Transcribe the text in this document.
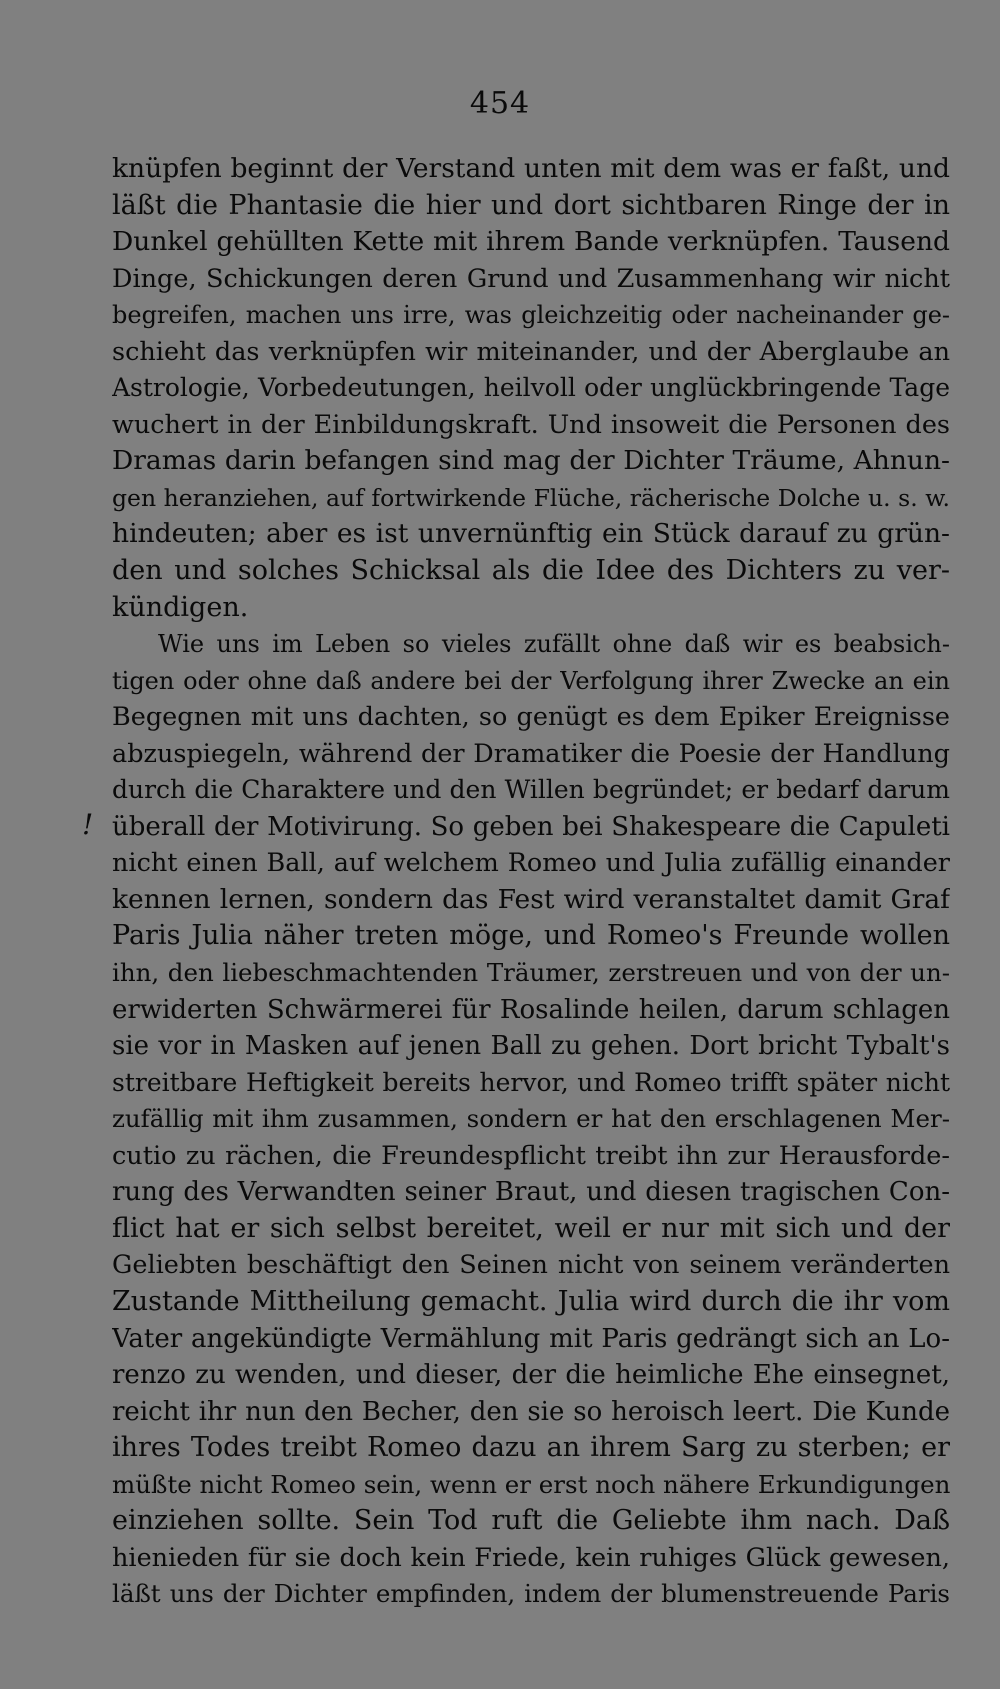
454
!
knüpfen beginnt der Verstand unten mit dem was er faßt, und
läßt die Phantasie die hier und dort sichtbaren Ringe der in
Dunkel gehüllten Kette mit ihrem Bande verknüpfen. Tausend
Dinge, Schickungen deren Grund und Zusammenhang wir nicht
begreifen, machen uns irre, was gleichzeitig oder nacheinander ge-
schieht das verknüpfen wir miteinander, und der Aberglaube an
Astrologie, Vorbedeutungen, heilvoll oder unglückbringende Tage
wuchert in der Einbildungskraft. Und insoweit die Personen des
Dramas darin befangen sind mag der Dichter Träume, Ahnun-
gen heranziehen, auf fortwirkende Flüche, rächerische Dolche u. s. w.
hindeuten; aber es ist unvernünftig ein Stück darauf zu grün-
den und solches Schicksal als die Idee des Dichters zu ver-
kündigen.
Wie uns im Leben so vieles zufällt ohne daß wir es beabsich-
tigen oder ohne daß andere bei der Verfolgung ihrer Zwecke an ein
Begegnen mit uns dachten, so genügt es dem Epiker Ereignisse
abzuspiegeln, während der Dramatiker die Poesie der Handlung
durch die Charaktere und den Willen begründet; er bedarf darum
überall der Motivirung. So geben bei Shakespeare die Capuleti
nicht einen Ball, auf welchem Romeo und Julia zufällig einander
kennen lernen, sondern das Fest wird veranstaltet damit Graf
Paris Julia näher treten möge, und Romeo's Freunde wollen
ihn, den liebeschmachtenden Träumer, zerstreuen und von der un-
erwiderten Schwärmerei für Rosalinde heilen, darum schlagen
sie vor in Masken auf jenen Ball zu gehen. Dort bricht Tybalt's
streitbare Heftigkeit bereits hervor, und Romeo trifft später nicht
zufällig mit ihm zusammen, sondern er hat den erschlagenen Mer-
cutio zu rächen, die Freundespflicht treibt ihn zur Herausforde-
rung des Verwandten seiner Braut, und diesen tragischen Con-
flict hat er sich selbst bereitet, weil er nur mit sich und der
Geliebten beschäftigt den Seinen nicht von seinem veränderten
Zustande Mittheilung gemacht. Julia wird durch die ihr vom
Vater angekündigte Vermählung mit Paris gedrängt sich an Lo-
renzo zu wenden, und dieser, der die heimliche Ehe einsegnet,
reicht ihr nun den Becher, den sie so heroisch leert. Die Kunde
ihres Todes treibt Romeo dazu an ihrem Sarg zu sterben; er
müßte nicht Romeo sein, wenn er erst noch nähere Erkundigungen
einziehen sollte. Sein Tod ruft die Geliebte ihm nach. Daß
hienieden für sie doch kein Friede, kein ruhiges Glück gewesen,
läßt uns der Dichter empfinden, indem der blumenstreuende Paris
